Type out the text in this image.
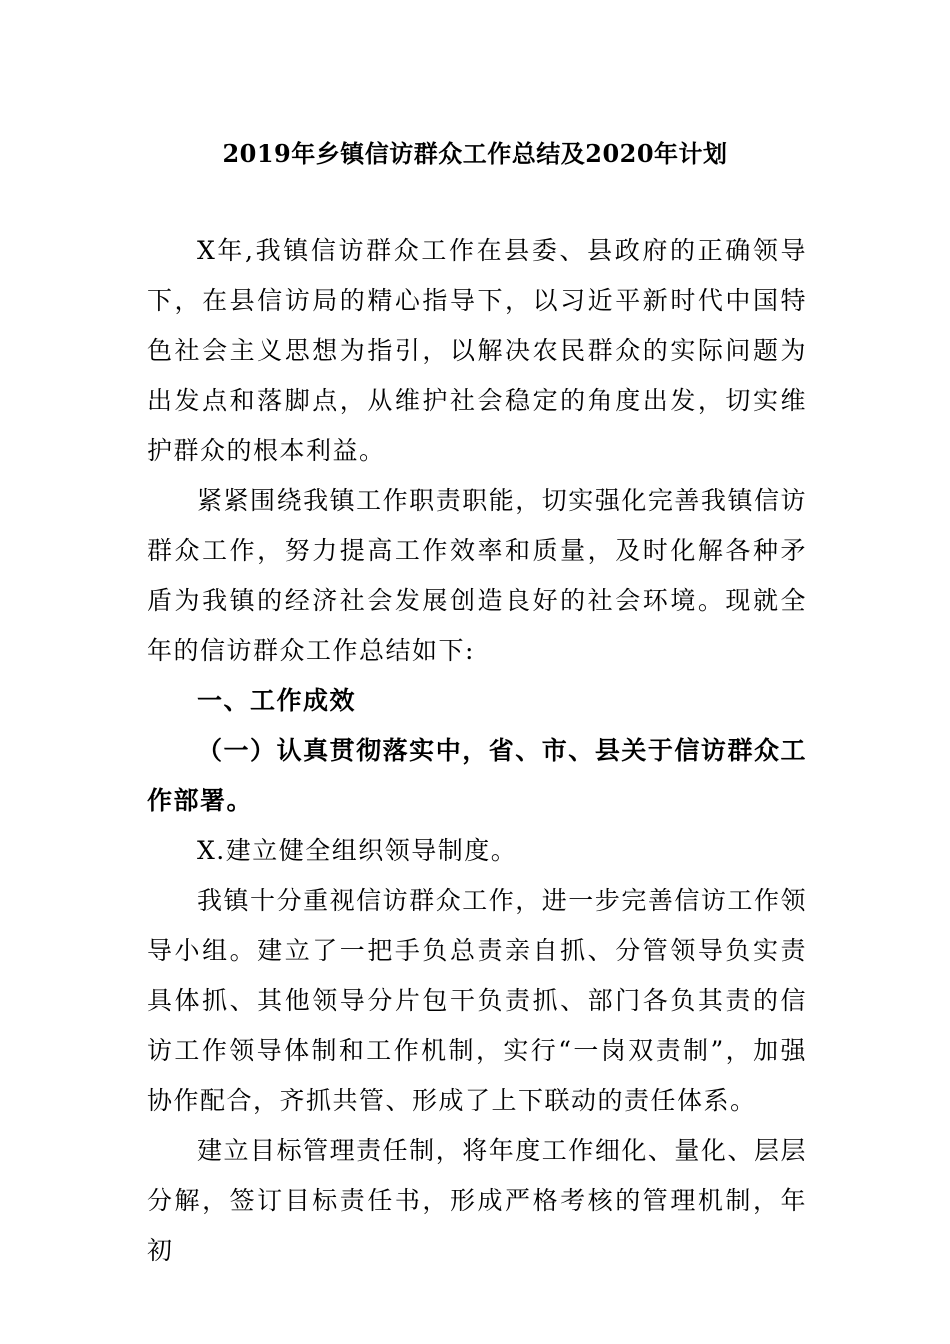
2019年乡镇信访群众工作总结及2020年计划

X年,我镇信访群众工作在县委、县政府的正确领导下，在县信访局的精心指导下，以习近平新时代中国特色社会主义思想为指引，以解决农民群众的实际问题为出发点和落脚点，从维护社会稳定的角度出发，切实维护群众的根本利益。

紧紧围绕我镇工作职责职能，切实强化完善我镇信访群众工作，努力提高工作效率和质量，及时化解各种矛盾为我镇的经济社会发展创造良好的社会环境。现就全年的信访群众工作总结如下:

一、工作成效

（一）认真贯彻落实中，省、市、县关于信访群众工作部署。

X.建立健全组织领导制度。

我镇十分重视信访群众工作，进一步完善信访工作领导小组。建立了一把手负总责亲自抓、分管领导负实责具体抓、其他领导分片包干负责抓、部门各负其责的信访工作领导体制和工作机制，实行“一岗双责制”，加强协作配合，齐抓共管、形成了上下联动的责任体系。

建立目标管理责任制，将年度工作细化、量化、层层分解，签订目标责任书，形成严格考核的管理机制，年初
